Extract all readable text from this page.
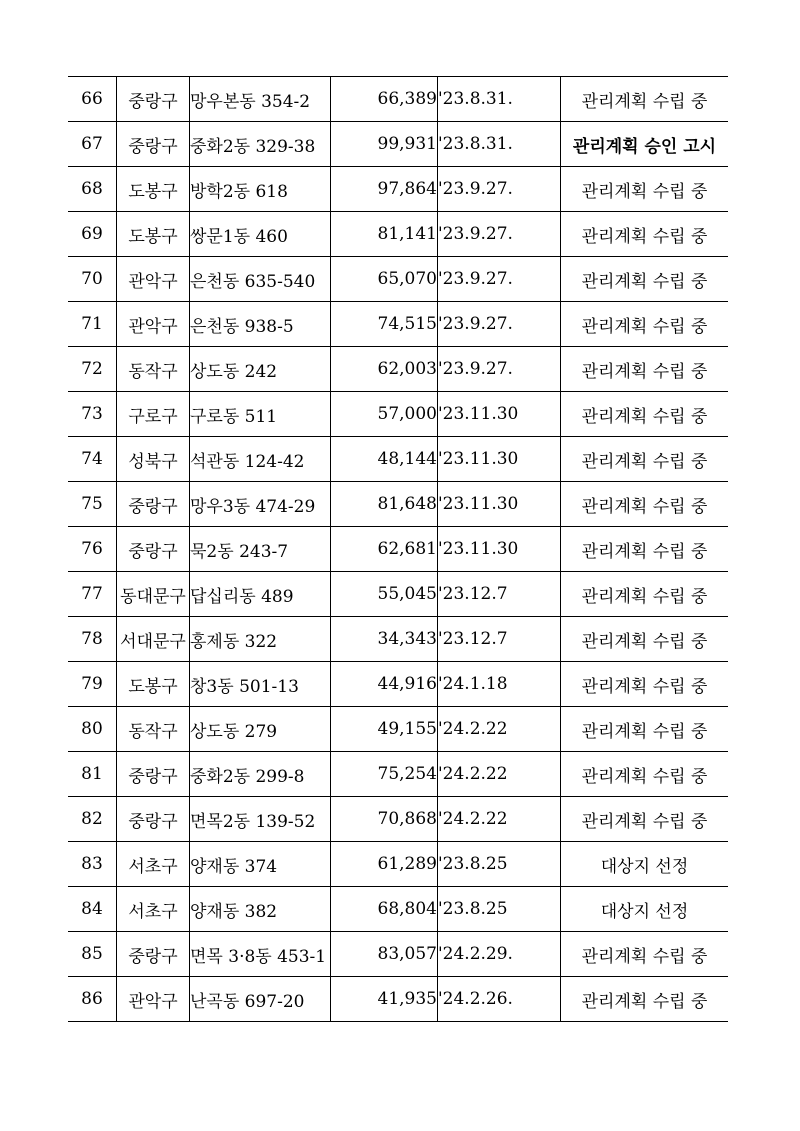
66	중랑구	망우본동 354-2	66,389	'23.8.31.	관리계획 수립 중
67	중랑구	중화2동 329-38	99,931	'23.8.31.	관리계획 승인 고시
68	도봉구	방학2동 618	97,864	'23.9.27.	관리계획 수립 중
69	도봉구	쌍문1동 460	81,141	'23.9.27.	관리계획 수립 중
70	관악구	은천동 635-540	65,070	'23.9.27.	관리계획 수립 중
71	관악구	은천동 938-5	74,515	'23.9.27.	관리계획 수립 중
72	동작구	상도동 242	62,003	'23.9.27.	관리계획 수립 중
73	구로구	구로동 511	57,000	'23.11.30	관리계획 수립 중
74	성북구	석관동 124-42	48,144	'23.11.30	관리계획 수립 중
75	중랑구	망우3동 474-29	81,648	'23.11.30	관리계획 수립 중
76	중랑구	묵2동 243-7	62,681	'23.11.30	관리계획 수립 중
77	동대문구	답십리동 489	55,045	'23.12.7	관리계획 수립 중
78	서대문구	홍제동 322	34,343	'23.12.7	관리계획 수립 중
79	도봉구	창3동 501-13	44,916	'24.1.18	관리계획 수립 중
80	동작구	상도동 279	49,155	'24.2.22	관리계획 수립 중
81	중랑구	중화2동 299-8	75,254	'24.2.22	관리계획 수립 중
82	중랑구	면목2동 139-52	70,868	'24.2.22	관리계획 수립 중
83	서초구	양재동 374	61,289	'23.8.25	대상지 선정
84	서초구	양재동 382	68,804	'23.8.25	대상지 선정
85	중랑구	면목 3·8동 453-1	83,057	'24.2.29.	관리계획 수립 중
86	관악구	난곡동 697-20	41,935	'24.2.26.	관리계획 수립 중
